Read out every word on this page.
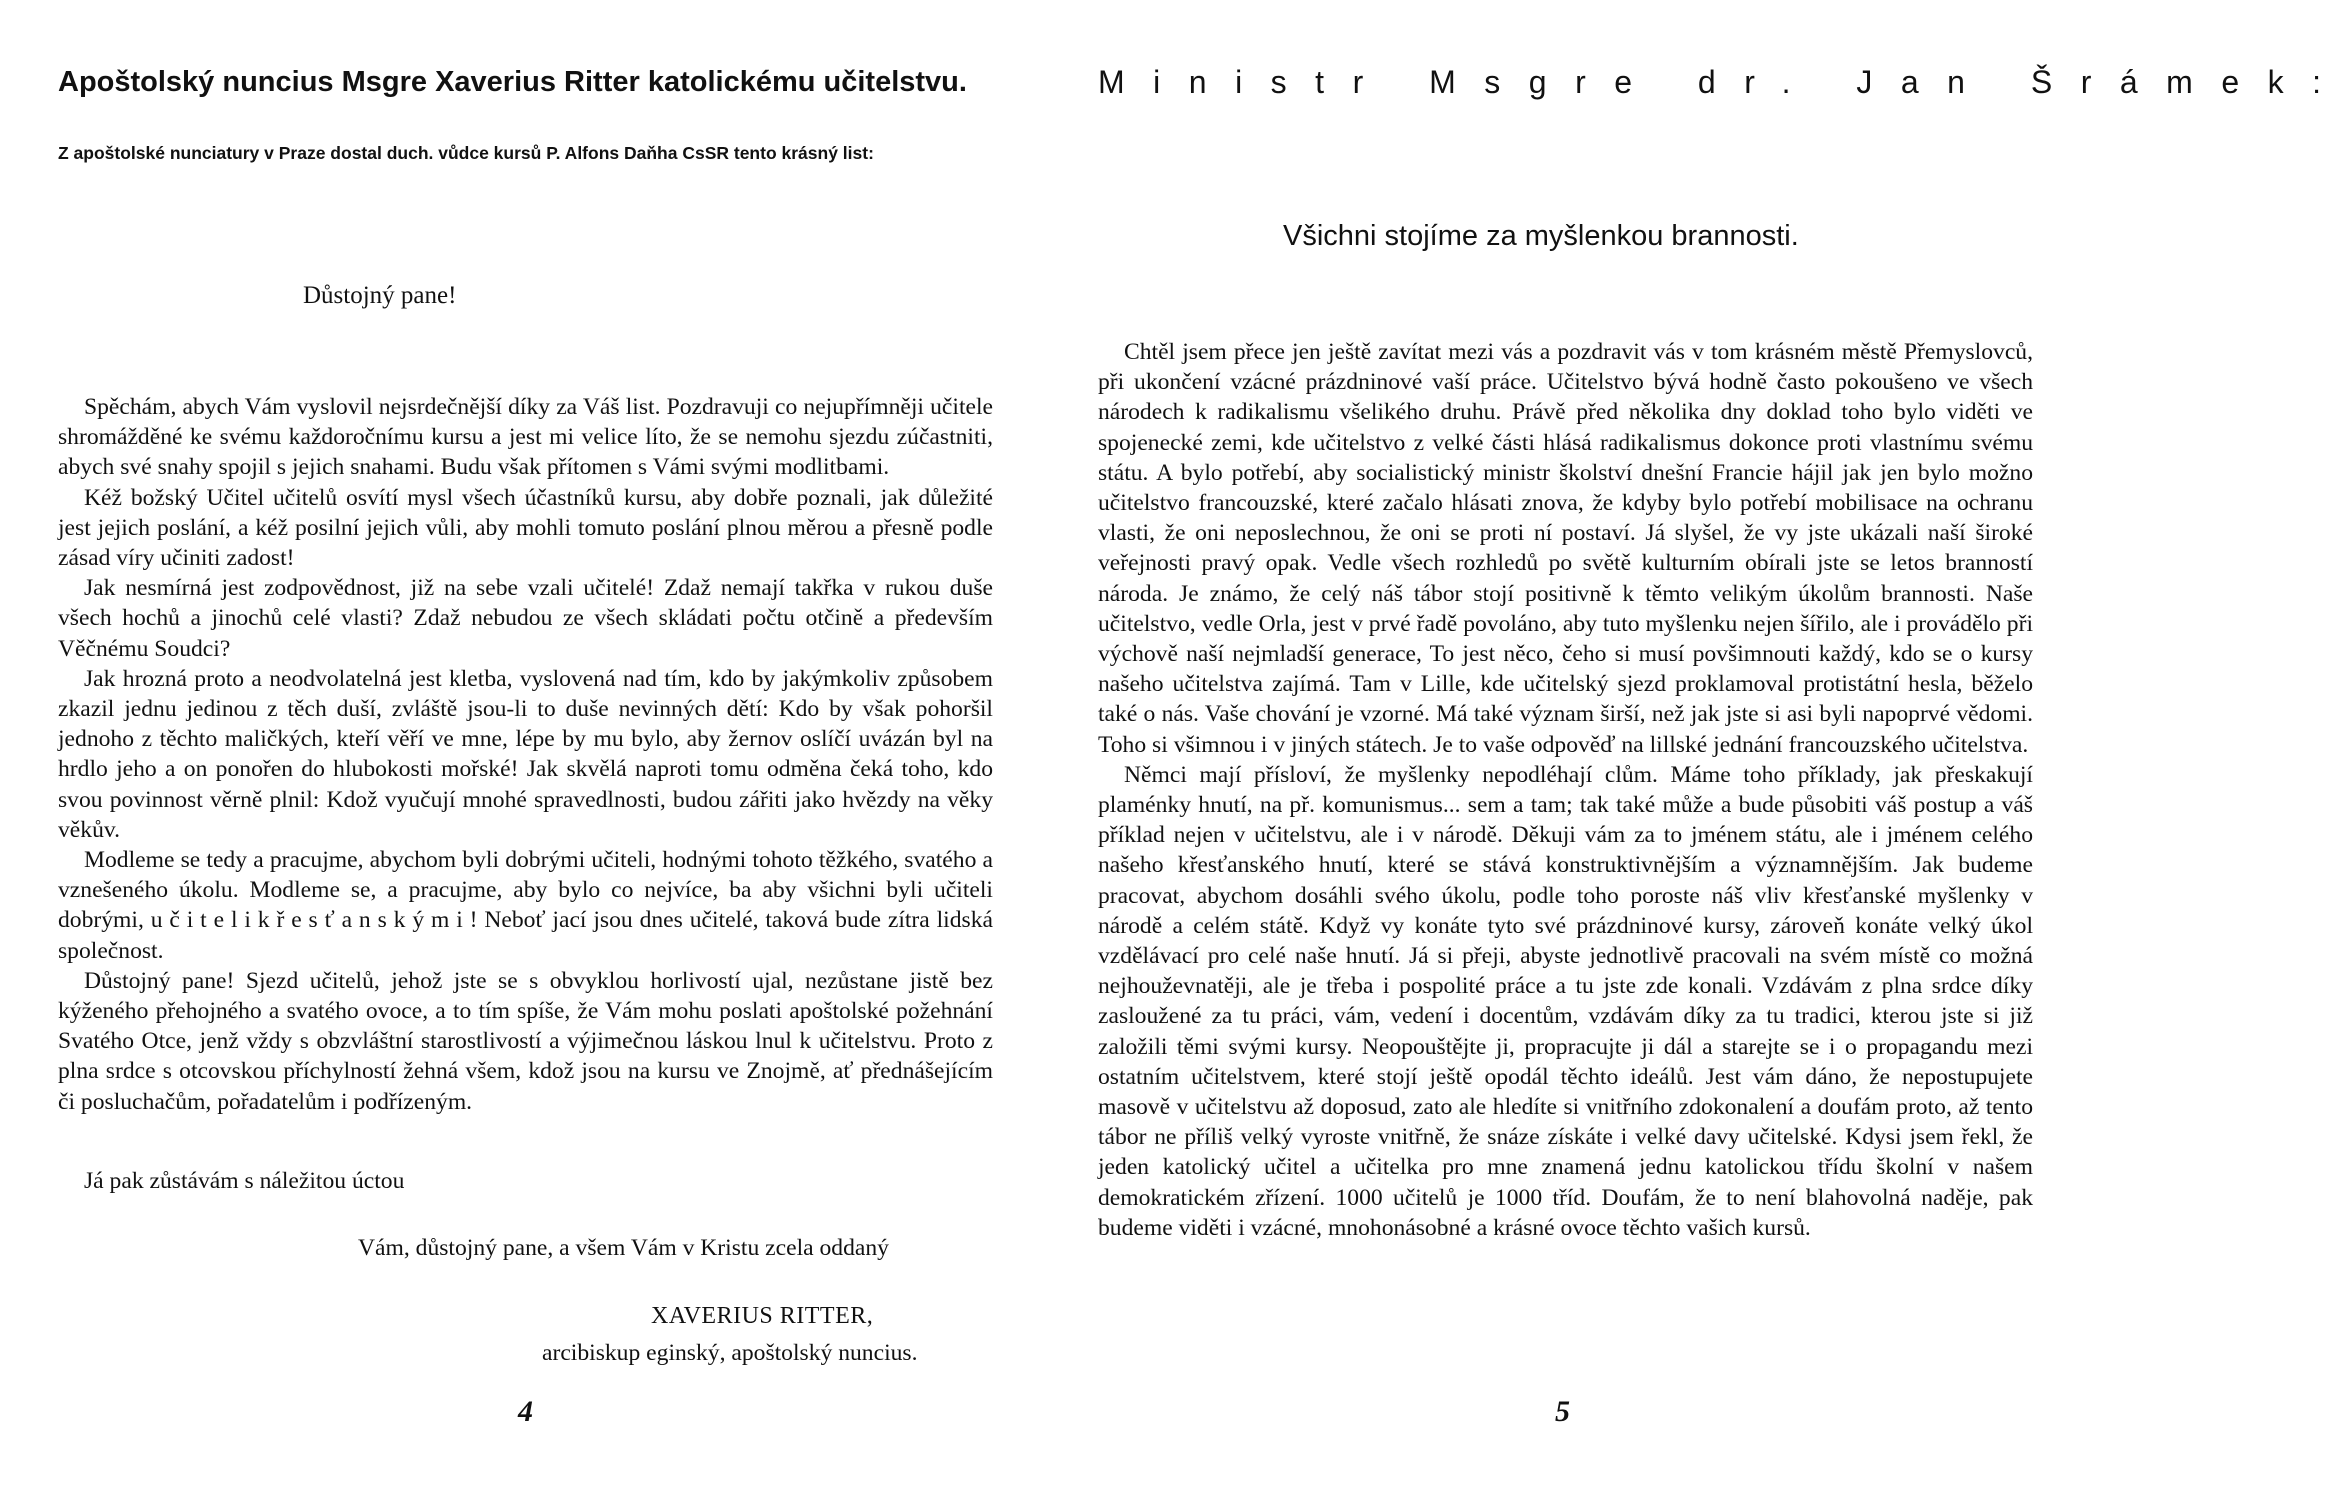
Apoštolský nuncius Msgre Xaverius Ritter katolickému učitelstvu.
Z apoštolské nunciatury v Praze dostal duch. vůdce kursů P. Alfons Daňha CsSR tento krásný list:
Důstojný pane!

Spěchám, abych Vám vyslovil nejsrdečnější díky za Váš list. Pozdravuji co nejupřímněji učitele shromážděné ke svému každoročnímu kursu a jest mi velice líto, že se nemohu sjezdu zúčastniti, abych své snahy spojil s jejich snahami. Budu však přítomen s Vámi svými modlitbami.

Kéž božský Učitel učitelů osvítí mysl všech účastníků kursu, aby dobře poznali, jak důležité jest jejich poslání, a kéž posilní jejich vůli, aby mohli tomuto poslání plnou měrou a přesně podle zásad víry učiniti zadost!

Jak nesmírná jest zodpovědnost, již na sebe vzali učitelé! Zdaž nemají takřka v rukou duše všech hochů a jinochů celé vlasti? Zdaž nebudou ze všech skládati počtu otčině a především Věčnému Soudci?

Jak hrozná proto a neodvolatelná jest kletba, vyslovená nad tím, kdo by jakýmkoliv způsobem zkazil jednu jedinou z těch duší, zvláště jsou-li to duše nevinných dětí: Kdo by však pohoršil jednoho z těchto maličkých, kteří věří ve mne, lépe by mu bylo, aby žernov oslíčí uvázán byl na hrdlo jeho a on ponořen do hlubokosti mořské! Jak skvělá naproti tomu odměna čeká toho, kdo svou povinnost věrně plnil: Kdož vyučují mnohé spravedlnosti, budou zářiti jako hvězdy na věky věkův.

Modleme se tedy a pracujme, abychom byli dobrými učiteli, hodnými tohoto těžkého, svatého a vznešeného úkolu. Modleme se, a pracujme, aby bylo co nejvíce, ba aby všichni byli učiteli dobrými, u č i t e l i k ř e s ť a n s k ý m i ! Neboť jací jsou dnes učitelé, taková bude zítra lidská společnost.

Důstojný pane! Sjezd učitelů, jehož jste se s obvyklou horlivostí ujal, nezůstane jistě bez kýženého přehojného a svatého ovoce, a to tím spíše, že Vám mohu poslati apoštolské požehnání Svatého Otce, jenž vždy s obzvláštní starostlivostí a výjimečnou láskou lnul k učitelstvu. Proto z plna srdce s otcovskou příchylností žehná všem, kdož jsou na kursu ve Znojmě, ať přednášejícím či posluchačům, pořadatelům i podřízeným.

Já pak zůstávám s náležitou úctou
Vám, důstojný pane, a všem Vám v Kristu zcela oddaný
XAVERIUS RITTER,
arcibiskup eginský, apoštolský nuncius.
4
Ministr Msgre dr. Jan Šrámek:
Všichni stojíme za myšlenkou brannosti.

Chtěl jsem přece jen ještě zavítat mezi vás a pozdravit vás v tom krásném městě Přemyslovců, při ukončení vzácné prázdninové vaší práce. Učitelstvo bývá hodně často pokoušeno ve všech národech k radikalismu všelikého druhu. Právě před několika dny doklad toho bylo viděti ve spojenecké zemi, kde učitelstvo z velké části hlásá radikalismus dokonce proti vlastnímu svému státu. A bylo potřebí, aby socialistický ministr školství dnešní Francie hájil jak jen bylo možno učitelstvo francouzské, které začalo hlásati znova, že kdyby bylo potřebí mobilisace na ochranu vlasti, že oni neposlechnou, že oni se proti ní postaví. Já slyšel, že vy jste ukázali naší široké veřejnosti pravý opak. Vedle všech rozhledů po světě kulturním obírali jste se letos branností národa. Je známo, že celý náš tábor stojí positivně k těmto velikým úkolům brannosti. Naše učitelstvo, vedle Orla, jest v prvé řadě povoláno, aby tuto myšlenku nejen šířilo, ale i provádělo při výchově naší nejmladší generace, To jest něco, čeho si musí povšimnouti každý, kdo se o kursy našeho učitelstva zajímá. Tam v Lille, kde učitelský sjezd proklamoval protistátní hesla, běželo také o nás. Vaše chování je vzorné. Má také význam širší, než jak jste si asi byli napoprvé vědomi. Toho si všimnou i v jiných státech. Je to vaše odpověď na lillské jednání francouzského učitelstva.

Němci mají přísloví, že myšlenky nepodléhají clům. Máme toho příklady, jak přeskakují plaménky hnutí, na př. komunismus... sem a tam; tak také může a bude působiti váš postup a váš příklad nejen v učitelstvu, ale i v národě. Děkuji vám za to jménem státu, ale i jménem celého našeho křesťanského hnutí, které se stává konstruktivnějším a významnějším. Jak budeme pracovat, abychom dosáhli svého úkolu, podle toho poroste náš vliv křesťanské myšlenky v národě a celém státě. Když vy konáte tyto své prázdninové kursy, zároveň konáte velký úkol vzdělávací pro celé naše hnutí. Já si přeji, abyste jednotlivě pracovali na svém místě co možná nejhouževnatěji, ale je třeba i pospolité práce a tu jste zde konali. Vzdávám z plna srdce díky zasloužené za tu práci, vám, vedení i docentům, vzdávám díky za tu tradici, kterou jste si již založili těmi svými kursy. Neopouštějte ji, propracujte ji dál a starejte se i o propagandu mezi ostatním učitelstvem, které stojí ještě opodál těchto ideálů. Jest vám dáno, že nepostupujete masově v učitelstvu až doposud, zato ale hledíte si vnitřního zdokonalení a doufám proto, až tento tábor ne příliš velký vyroste vnitřně, že snáze získáte i velké davy učitelské. Kdysi jsem řekl, že jeden katolický učitel a učitelka pro mne znamená jednu katolickou třídu školní v našem demokratickém zřízení. 1000 učitelů je 1000 tříd. Doufám, že to není blahovolná naděje, pak budeme viděti i vzácné, mnohonásobné a krásné ovoce těchto vašich kursů.

5
